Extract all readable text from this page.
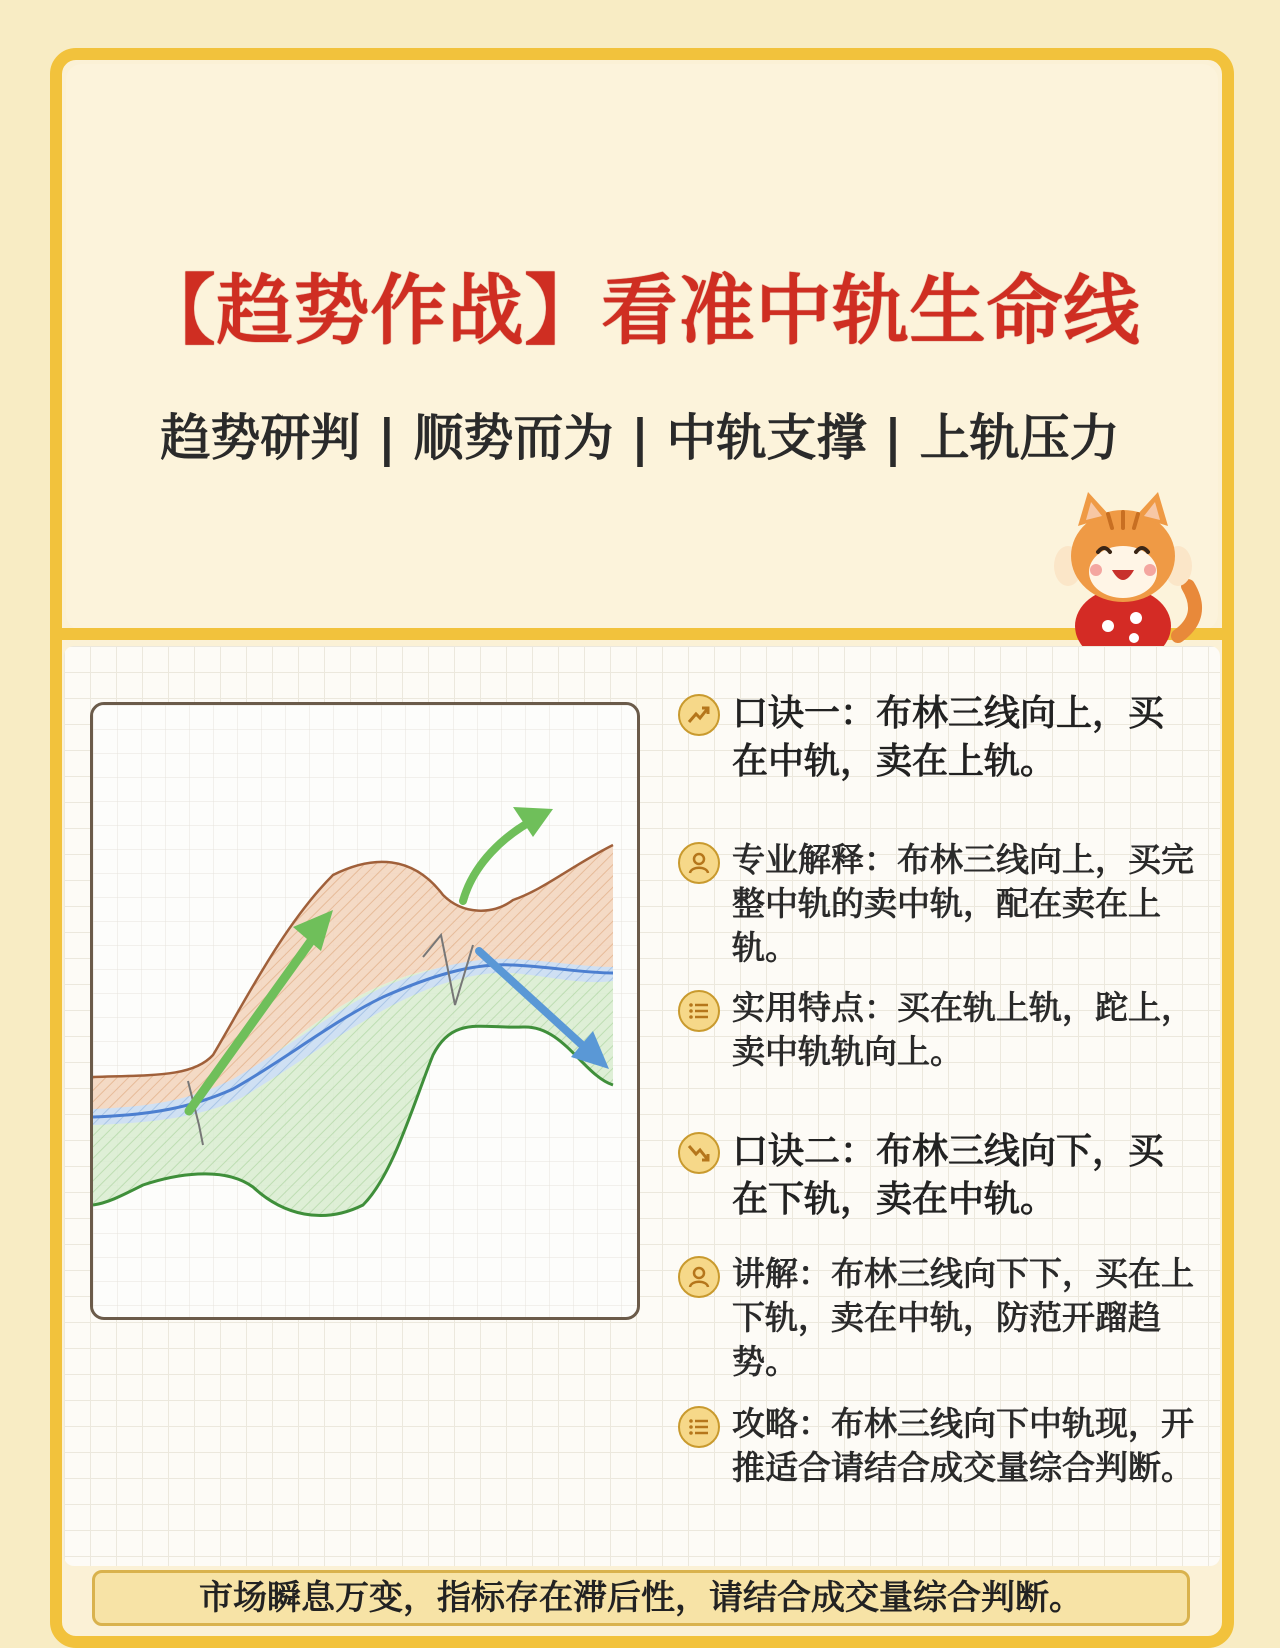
【趋势作战】看准中轨生命线
趋势研判 | 顺势而为 | 中轨支撑 | 上轨压力
口诀一：布林三线向上，买在中轨，卖在上轨。
专业解释：布林三线向上，买完整中轨的卖中轨，配在卖在上轨。
实用特点：买在轨上轨，跎上，卖中轨轨向上。
口诀二：布林三线向下，买在下轨，卖在中轨。
讲解：布林三线向下下，买在上下轨，卖在中轨，防范开蹓趋势。
攻略：布林三线向下中轨现，开推适合请结合成交量综合判断。
市场瞬息万变，指标存在滞后性，请结合成交量综合判断。
